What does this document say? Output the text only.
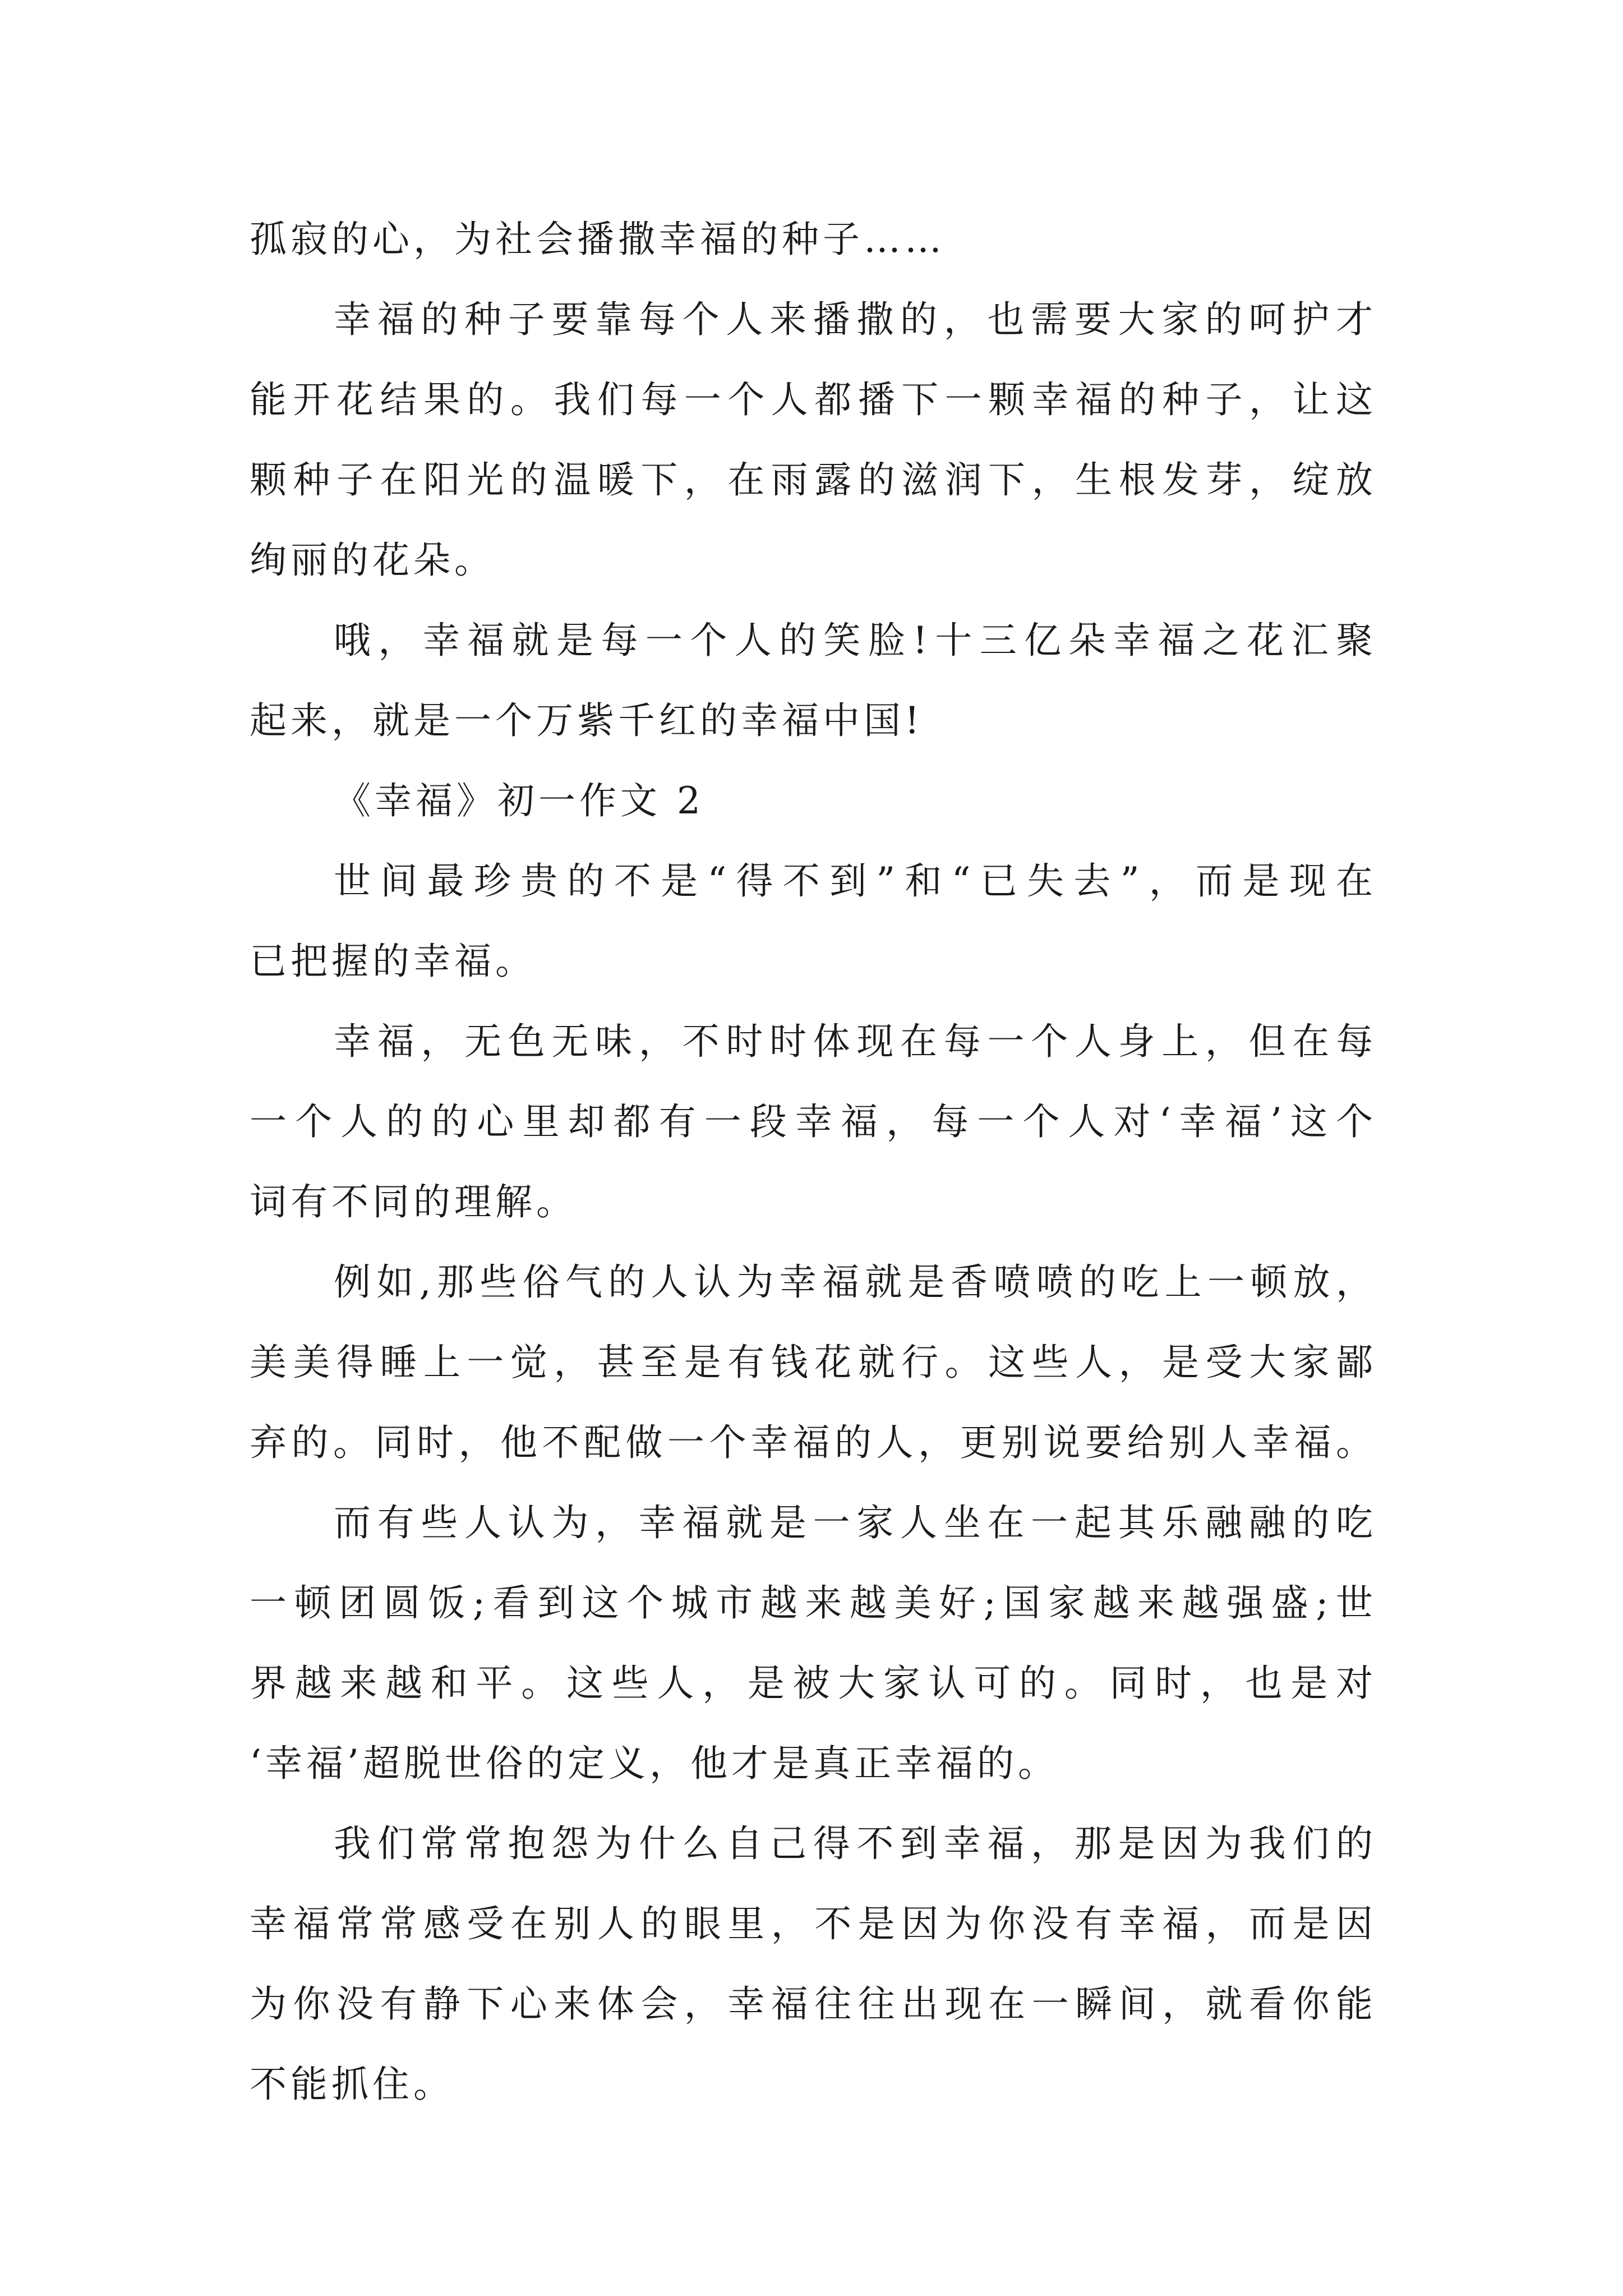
孤寂的心，为社会播撒幸福的种子……
幸福的种子要靠每个人来播撒的，也需要大家的呵护才
能开花结果的。我们每一个人都播下一颗幸福的种子，让这
颗种子在阳光的温暖下，在雨露的滋润下，生根发芽，绽放
绚丽的花朵。
哦，幸福就是每一个人的笑脸!十三亿朵幸福之花汇聚
起来，就是一个万紫千红的幸福中国!
《幸福》初一作文 2
世间最珍贵的不是“得不到”和“已失去”，而是现在
已把握的幸福。
幸福，无色无味，不时时体现在每一个人身上，但在每
一个人的的心里却都有一段幸福，每一个人对‘幸福’这个
词有不同的理解。
例如,那些俗气的人认为幸福就是香喷喷的吃上一顿放，
美美得睡上一觉，甚至是有钱花就行。这些人，是受大家鄙
弃的。同时，他不配做一个幸福的人，更别说要给别人幸福。
而有些人认为，幸福就是一家人坐在一起其乐融融的吃
一顿团圆饭;看到这个城市越来越美好;国家越来越强盛;世
界越来越和平。这些人，是被大家认可的。同时，也是对
‘幸福’超脱世俗的定义，他才是真正幸福的。
我们常常抱怨为什么自己得不到幸福，那是因为我们的
幸福常常感受在别人的眼里，不是因为你没有幸福，而是因
为你没有静下心来体会，幸福往往出现在一瞬间，就看你能
不能抓住。
